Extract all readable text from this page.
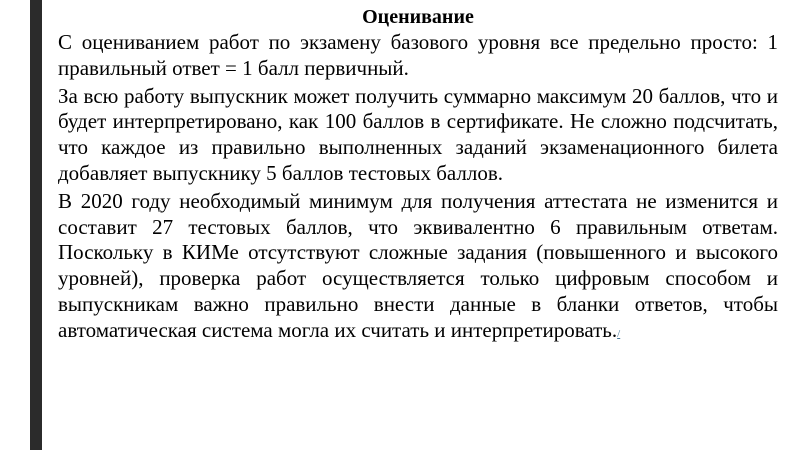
Оценивание
С оцениванием работ по экзамену базового уровня все предельно просто: 1 правильный ответ = 1 балл первичный.
За всю работу выпускник может получить суммарно максимум 20 баллов, что и будет интерпретировано, как 100 баллов в сертификате. Не сложно подсчитать, что каждое из правильно выполненных заданий экзаменационного билета добавляет выпускнику 5 баллов тестовых баллов.
В 2020 году необходимый минимум для получения аттестата не изменится и составит 27 тестовых баллов, что эквивалентно 6 правильным ответам. Поскольку в КИМе отсутствуют сложные задания (повышенного и высокого уровней), проверка работ осуществляется только цифровым способом и выпускникам важно правильно внести данные в бланки ответов, чтобы автоматическая система могла их считать и интерпретировать./
